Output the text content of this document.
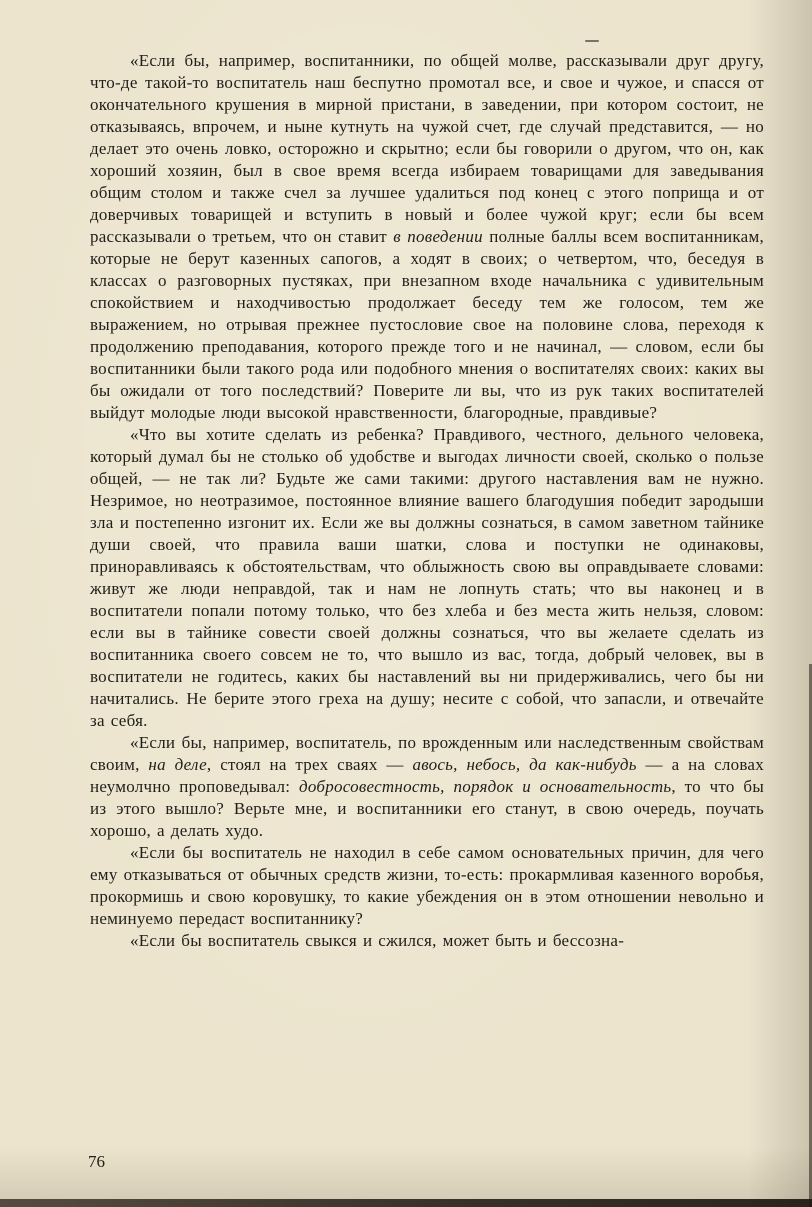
«Если бы, например, воспитанники, по общей молве, рассказывали друг другу, что-де такой-то воспитатель наш беспутно промотал все, и свое и чужое, и спасся от окончательного крушения в мирной пристани, в заведении, при котором состоит, не отказываясь, впрочем, и ныне кутнуть на чужой счет, где случай представится, — но делает это очень ловко, осторожно и скрытно; если бы говорили о другом, что он, как хороший хозяин, был в свое время всегда избираем товарищами для заведывания общим столом и также счел за лучшее удалиться под конец с этого поприща и от доверчивых товарищей и вступить в новый и более чужой круг; если бы всем рассказывали о третьем, что он ставит в поведении полные баллы всем воспитанникам, которые не берут казенных сапогов, а ходят в своих; о четвертом, что, беседуя в классах о разговорных пустяках, при внезапном входе начальника с удивительным спокойствием и находчивостью продолжает беседу тем же голосом, тем же выражением, но отрывая прежнее пустословие свое на половине слова, переходя к продолжению преподавания, которого прежде того и не начинал, — словом, если бы воспитанники были такого рода или подобного мнения о воспитателях своих: каких вы бы ожидали от того последствий? Поверите ли вы, что из рук таких воспитателей выйдут молодые люди высокой нравственности, благородные, правдивые?

«Что вы хотите сделать из ребенка? Правдивого, честного, дельного человека, который думал бы не столько об удобстве и выгодах личности своей, сколько о пользе общей, — не так ли? Будьте же сами такими: другого наставления вам не нужно. Незримое, но неотразимое, постоянное влияние вашего благодушия победит зародыши зла и постепенно изгонит их. Если же вы должны сознаться, в самом заветном тайнике души своей, что правила ваши шатки, слова и поступки не одинаковы, приноравливаясь к обстоятельствам, что облыжность свою вы оправдываете словами: живут же люди неправдой, так и нам не лопнуть стать; что вы наконец и в воспитатели попали потому только, что без хлеба и без места жить нельзя, словом: если вы в тайнике совести своей должны сознаться, что вы желаете сделать из воспитанника своего совсем не то, что вышло из вас, тогда, добрый человек, вы в воспитатели не годитесь, каких бы наставлений вы ни придерживались, чего бы ни начитались. Не берите этого греха на душу; несите с собой, что запасли, и отвечайте за себя.

«Если бы, например, воспитатель, по врожденным или наследственным свойствам своим, на деле, стоял на трех сваях — авось, небось, да как-нибудь — а на словах неумолчно проповедывал: добросовестность, порядок и основательность, то что бы из этого вышло? Верьте мне, и воспитанники его станут, в свою очередь, поучать хорошо, а делать худо.

«Если бы воспитатель не находил в себе самом основательных причин, для чего ему отказываться от обычных средств жизни, то-есть: прокармливая казенного воробья, прокормишь и свою коровушку, то какие убеждения он в этом отношении невольно и неминуемо передаст воспитаннику?

«Если бы воспитатель свыкся и сжился, может быть и бессозна-

76
